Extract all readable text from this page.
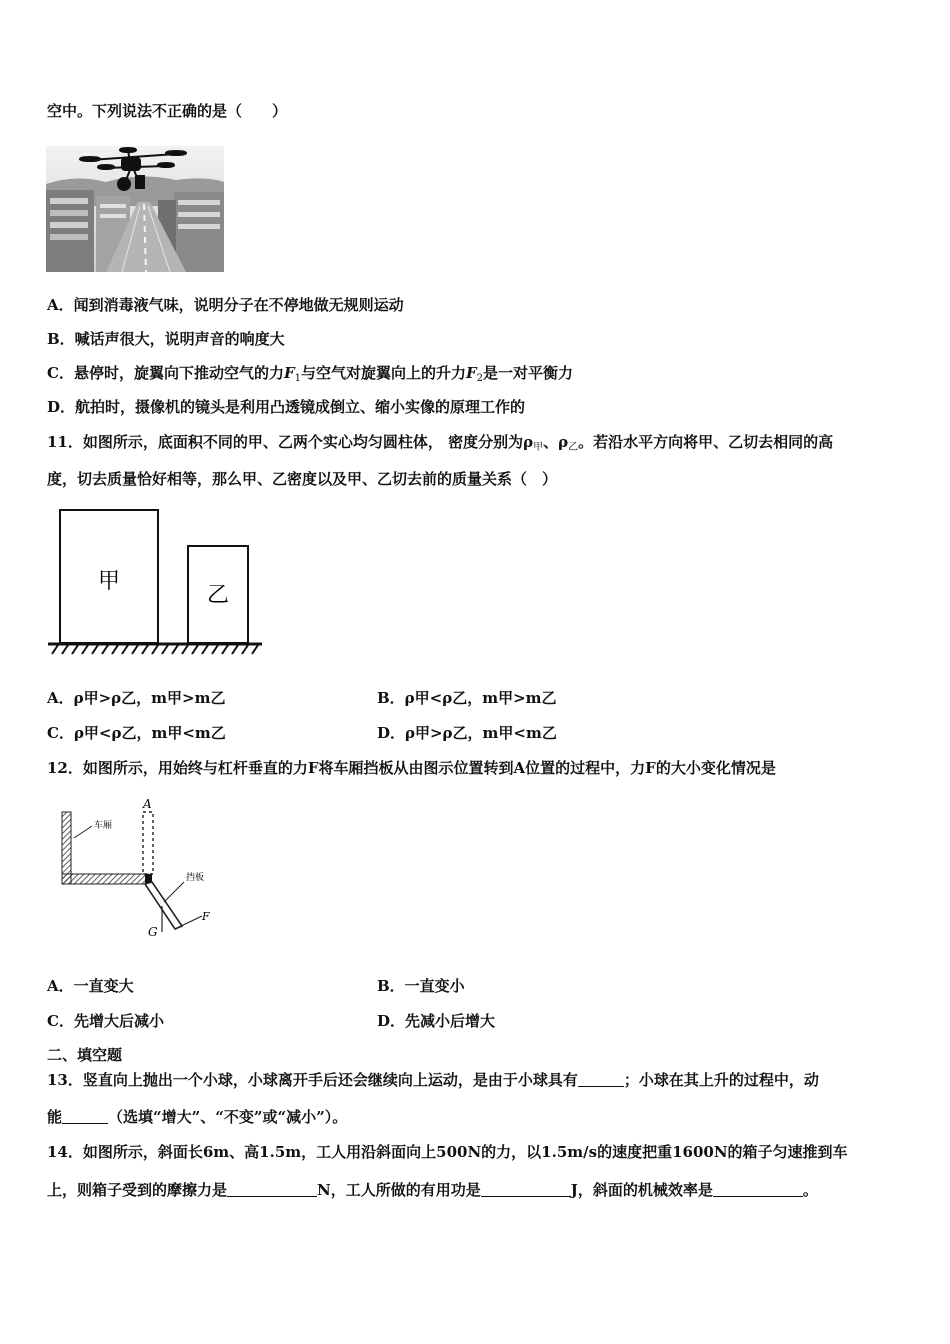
空中。下列说法不正确的是（　　）
A．闻到消毒液气味，说明分子在不停地做无规则运动
B．喊话声很大，说明声音的响度大
C．悬停时，旋翼向下推动空气的力$F_1$与空气对旋翼向上的升力$F_2$是一对平衡力
D．航拍时，摄像机的镜头是利用凸透镜成倒立、缩小实像的原理工作的
11．如图所示，底面积不同的甲、乙两个实心均匀圆柱体， 密度分别为$\rho_甲$、$\rho_乙$。若沿水平方向将甲、乙切去相同的高
度，切去质量恰好相等，那么甲、乙密度以及甲、乙切去前的质量关系（　）
甲
乙
A．ρ甲>ρ乙，m甲>m乙	B．ρ甲<ρ乙，m甲>m乙
C．ρ甲<ρ乙，m甲<m乙	D．ρ甲>ρ乙，m甲<m乙
12．如图所示，用始终与杠杆垂直的力F将车厢挡板从由图示位置转到A位置的过程中，力F的大小变化情况是
A
车厢
挡板
G
F
A．一直变大	B．一直变小
C．先增大后减小	D．先减小后增大
二、填空题
13．竖直向上抛出一个小球，小球离开手后还会继续向上运动，是由于小球具有	；小球在其上升的过程中，动
能	（选填“增大”、“不变”或“减小”）。
14．如图所示，斜面长6m、高1.5m，工人用沿斜面向上500N的力，以1.5m/s的速度把重1600N的箱子匀速推到车
上，则箱子受到的摩擦力是	N，工人所做的有用功是	J，斜面的机械效率是	。
